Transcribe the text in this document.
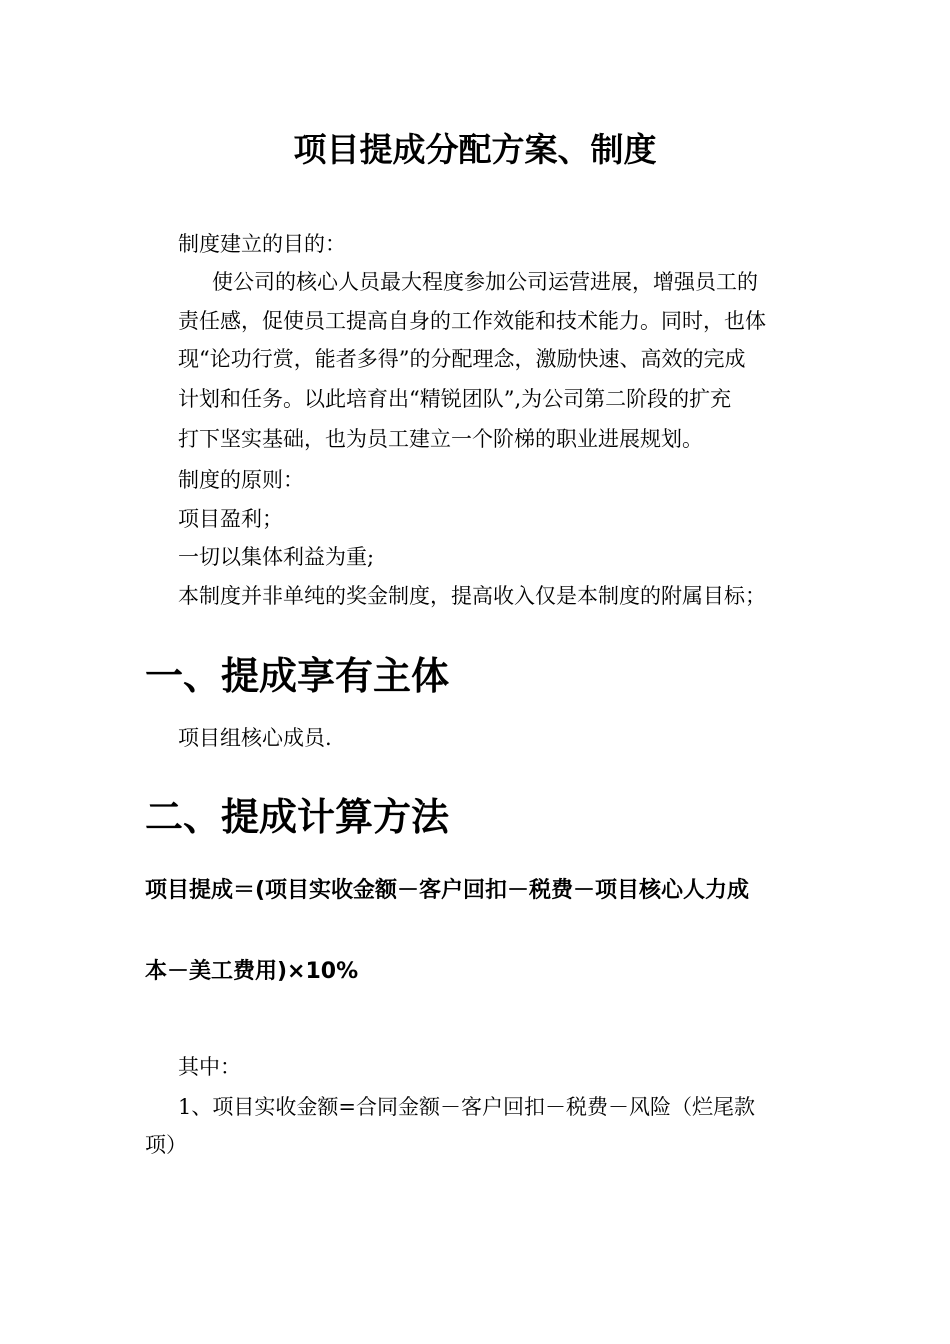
项目提成分配方案、制度
制度建立的目的：
使公司的核心人员最大程度参加公司运营进展，增强员工的
责任感，促使员工提高自身的工作效能和技术能力。同时，也体
现“论功行赏，能者多得”的分配理念，激励快速、高效的完成
计划和任务。以此培育出“精锐团队”,为公司第二阶段的扩充
打下坚实基础，也为员工建立一个阶梯的职业进展规划。
制度的原则：
项目盈利；
一切以集体利益为重;
本制度并非单纯的奖金制度，提高收入仅是本制度的附属目标；
一、提成享有主体
项目组核心成员.
二、提成计算方法
项目提成＝(项目实收金额－客户回扣－税费－项目核心人力成
本－美工费用)×10%
其中：
1、项目实收金额=合同金额－客户回扣－税费－风险（烂尾款
项）
